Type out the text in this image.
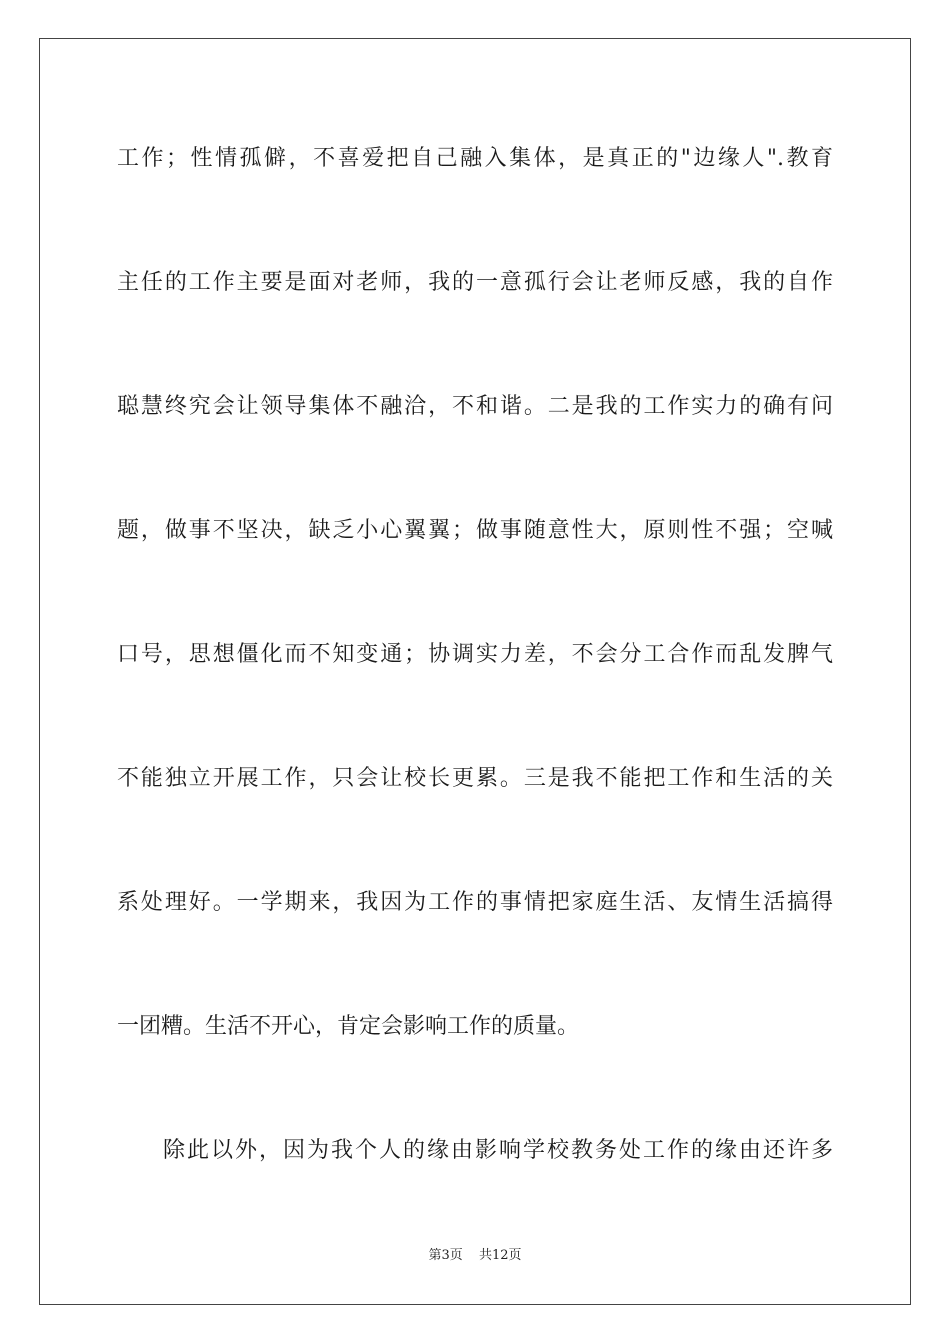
工作；性情孤僻，不喜爱把自己融入集体，是真正的"边缘人".教育
主任的工作主要是面对老师，我的一意孤行会让老师反感，我的自作
聪慧终究会让领导集体不融洽，不和谐。二是我的工作实力的确有问
题，做事不坚决，缺乏小心翼翼；做事随意性大，原则性不强；空喊
口号，思想僵化而不知变通；协调实力差，不会分工合作而乱发脾气
不能独立开展工作，只会让校长更累。三是我不能把工作和生活的关
系处理好。一学期来，我因为工作的事情把家庭生活、友情生活搞得
一团糟。生活不开心，肯定会影响工作的质量。
除此以外，因为我个人的缘由影响学校教务处工作的缘由还许多
第3页 共12页
